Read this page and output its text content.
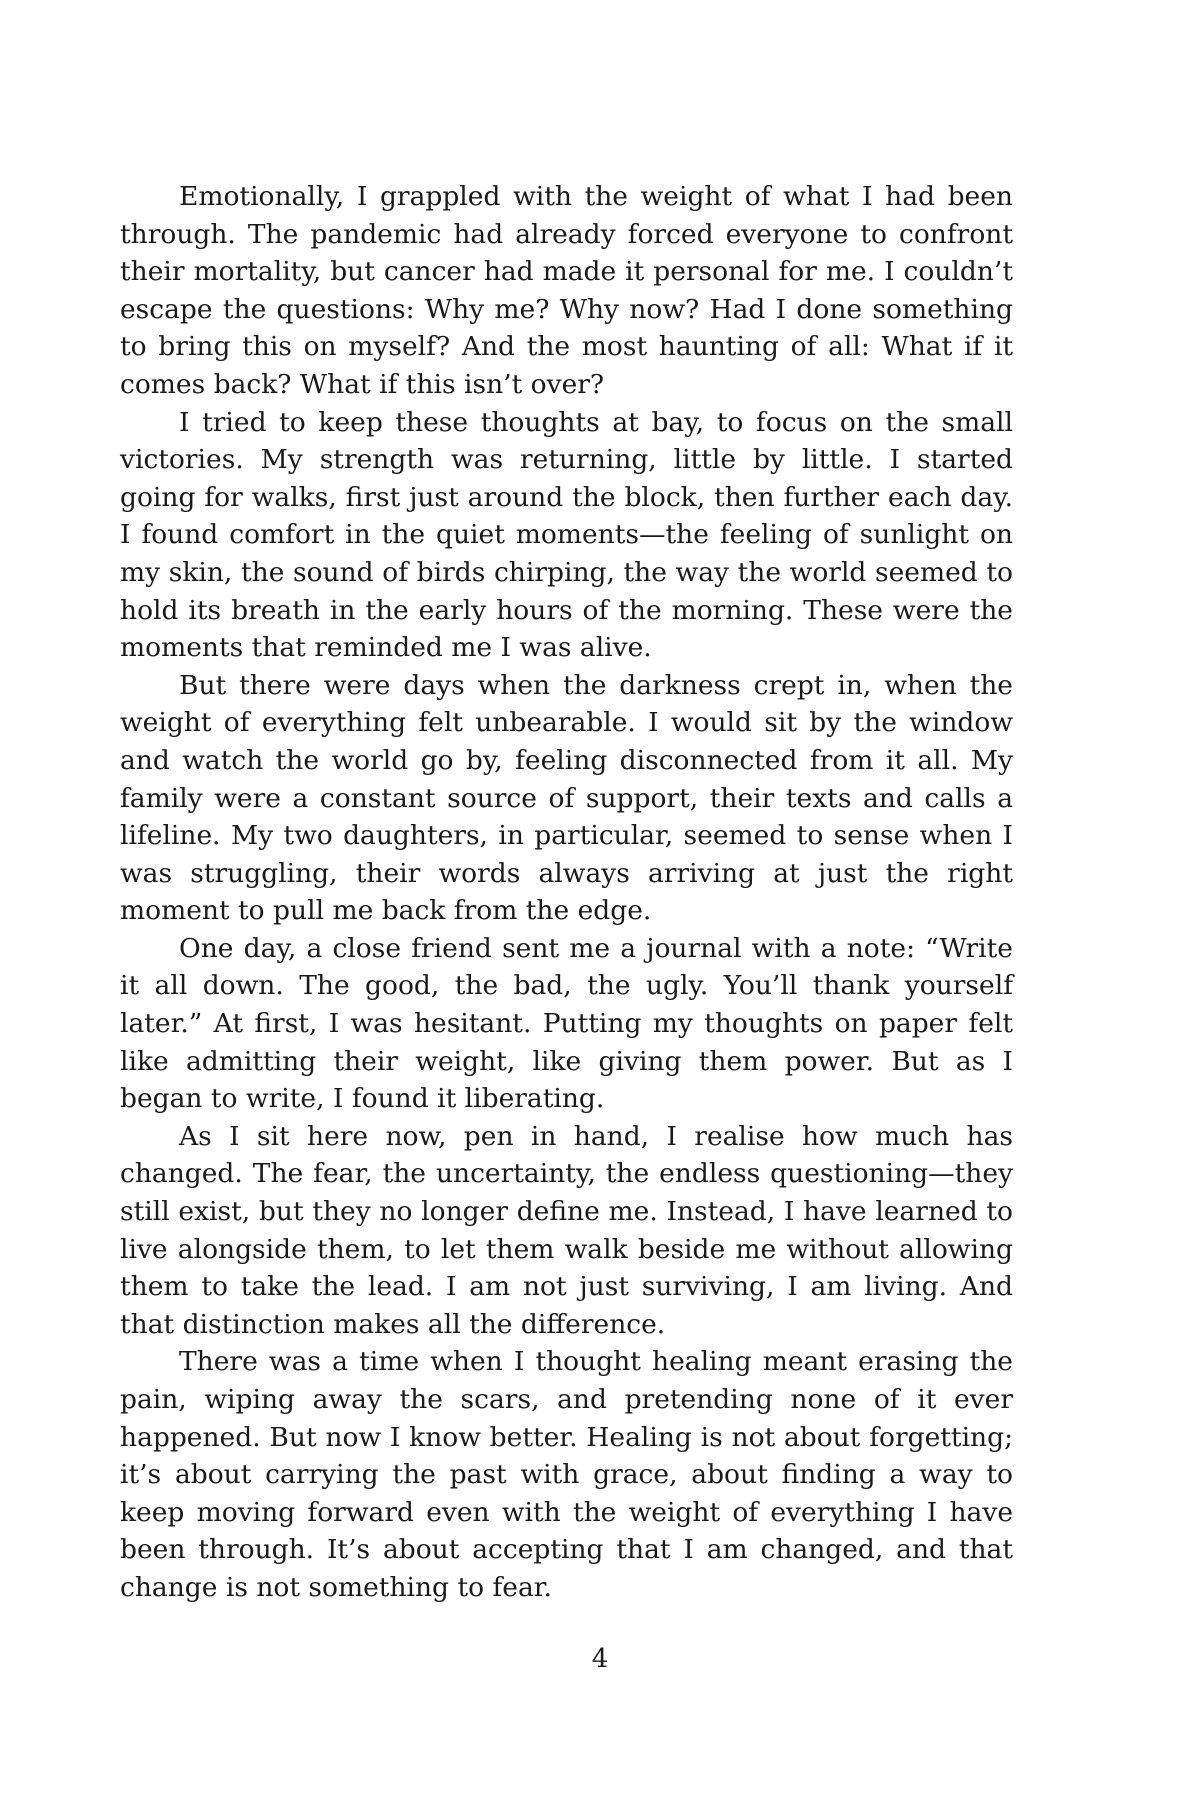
Emotionally, I grappled with the weight of what I had been through. The pandemic had already forced everyone to confront their mortality, but cancer had made it personal for me. I couldn’t escape the questions: Why me? Why now? Had I done something to bring this on myself? And the most haunting of all: What if it comes back? What if this isn’t over?

I tried to keep these thoughts at bay, to focus on the small victories. My strength was returning, little by little. I started going for walks, first just around the block, then further each day. I found comfort in the quiet moments—the feeling of sunlight on my skin, the sound of birds chirping, the way the world seemed to hold its breath in the early hours of the morning. These were the moments that reminded me I was alive.

But there were days when the darkness crept in, when the weight of everything felt unbearable. I would sit by the window and watch the world go by, feeling disconnected from it all. My family were a constant source of support, their texts and calls a lifeline. My two daughters, in particular, seemed to sense when I was struggling, their words always arriving at just the right moment to pull me back from the edge.

One day, a close friend sent me a journal with a note: “Write it all down. The good, the bad, the ugly. You’ll thank yourself later.” At first, I was hesitant. Putting my thoughts on paper felt like admitting their weight, like giving them power. But as I began to write, I found it liberating.

As I sit here now, pen in hand, I realise how much has changed. The fear, the uncertainty, the endless questioning—they still exist, but they no longer define me. Instead, I have learned to live alongside them, to let them walk beside me without allowing them to take the lead. I am not just surviving, I am living. And that distinction makes all the difference.

There was a time when I thought healing meant erasing the pain, wiping away the scars, and pretending none of it ever happened. But now I know better. Healing is not about forgetting; it’s about carrying the past with grace, about finding a way to keep moving forward even with the weight of everything I have been through. It’s about accepting that I am changed, and that change is not something to fear.

4
